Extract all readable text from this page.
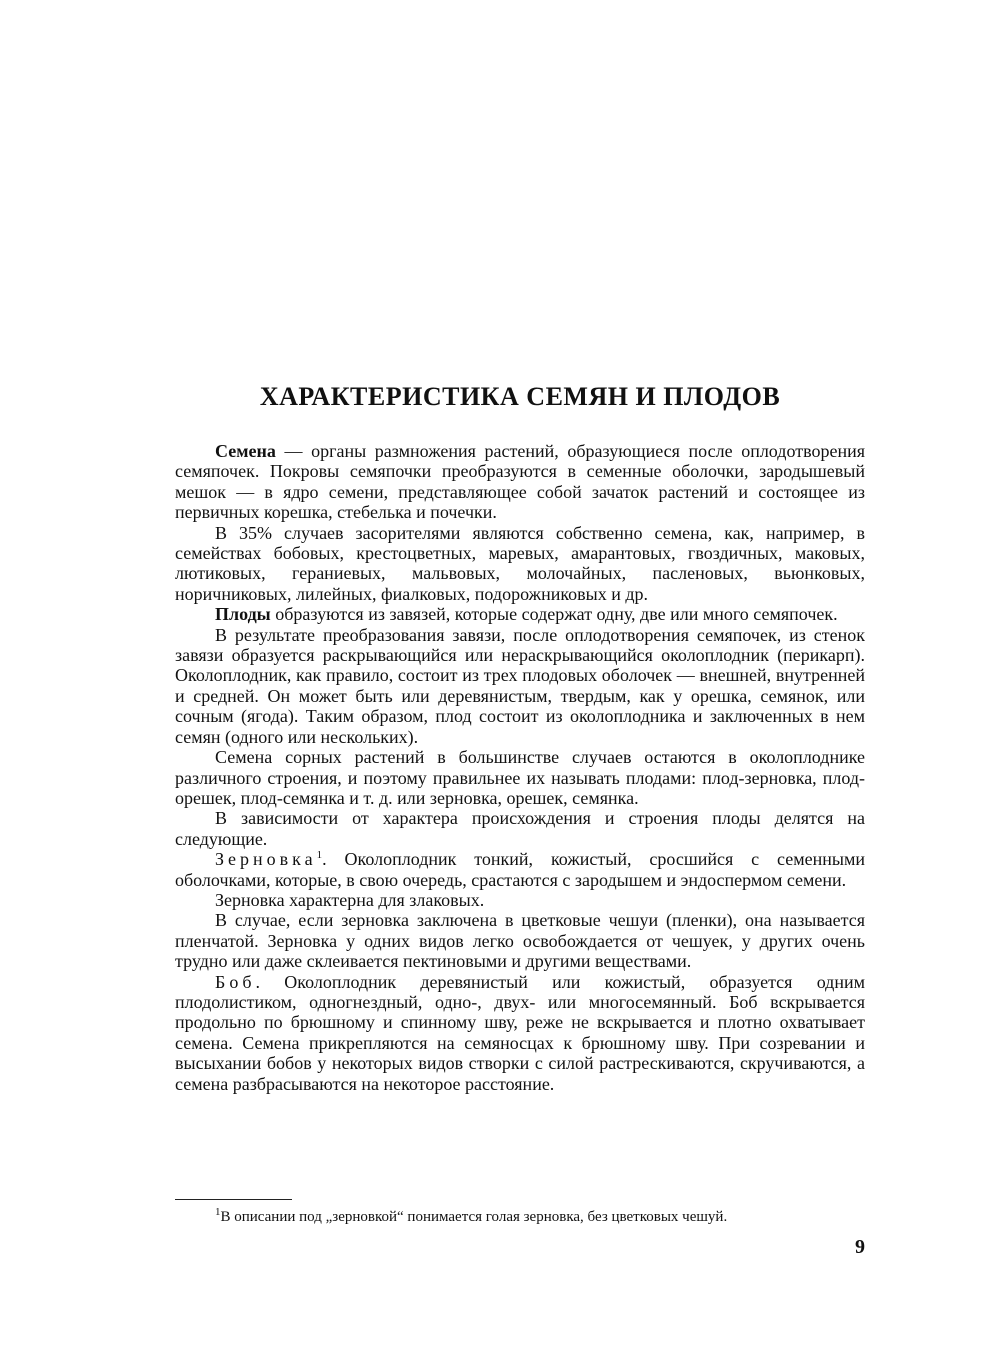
ХАРАКТЕРИСТИКА СЕМЯН И ПЛОДОВ

Семена — органы размножения растений, образующиеся после оплодотворения семяпочек. Покровы семяпочки преобразуются в семенные оболочки, зародышевый мешок — в ядро семени, представляющее собой зачаток растений и состоящее из первичных корешка, стебелька и почечки.

В 35% случаев засорителями являются собственно семена, как, например, в семействах бобовых, крестоцветных, маревых, амарантовых, гвоздичных, маковых, лютиковых, гераниевых, мальвовых, молочайных, пасленовых, вьюнковых, норичниковых, лилейных, фиалковых, подорожниковых и др.

Плоды образуются из завязей, которые содержат одну, две или много семяпочек.

В результате преобразования завязи, после оплодотворения семяпочек, из стенок завязи образуется раскрывающийся или нераскрывающийся околоплодник (перикарп). Околоплодник, как правило, состоит из трех плодовых оболочек — внешней, внутренней и средней. Он может быть или деревянистым, твердым, как у орешка, семянок, или сочным (ягода). Таким образом, плод состоит из околоплодника и заключенных в нем семян (одного или нескольких).

Семена сорных растений в большинстве случаев остаются в околоплоднике различного строения, и поэтому правильнее их называть плодами: плод-зерновка, плод-орешек, плод-семянка и т. д. или зерновка, орешек, семянка.

В зависимости от характера происхождения и строения плоды делятся на следующие.

Зерновка$^1$. Околоплодник тонкий, кожистый, сросшийся с семенными оболочками, которые, в свою очередь, срастаются с зародышем и эндоспермом семени.

Зерновка характерна для злаковых.

В случае, если зерновка заключена в цветковые чешуи (пленки), она называется пленчатой. Зерновка у одних видов легко освобождается от чешуек, у других очень трудно или даже склеивается пектиновыми и другими веществами.

Боб. Околоплодник деревянистый или кожистый, образуется одним плодолистиком, одногнездный, одно-, двух- или многосемянный. Боб вскрывается продольно по брюшному и спинному шву, реже не вскрывается и плотно охватывает семена. Семена прикрепляются на семяносцах к брюшному шву. При созревании и высыхании бобов у некоторых видов створки с силой растрескиваются, скручиваются, а семена разбрасываются на некоторое расстояние.

$^1$В описании под „зерновкой“ понимается голая зерновка, без цветковых чешуй.

9
